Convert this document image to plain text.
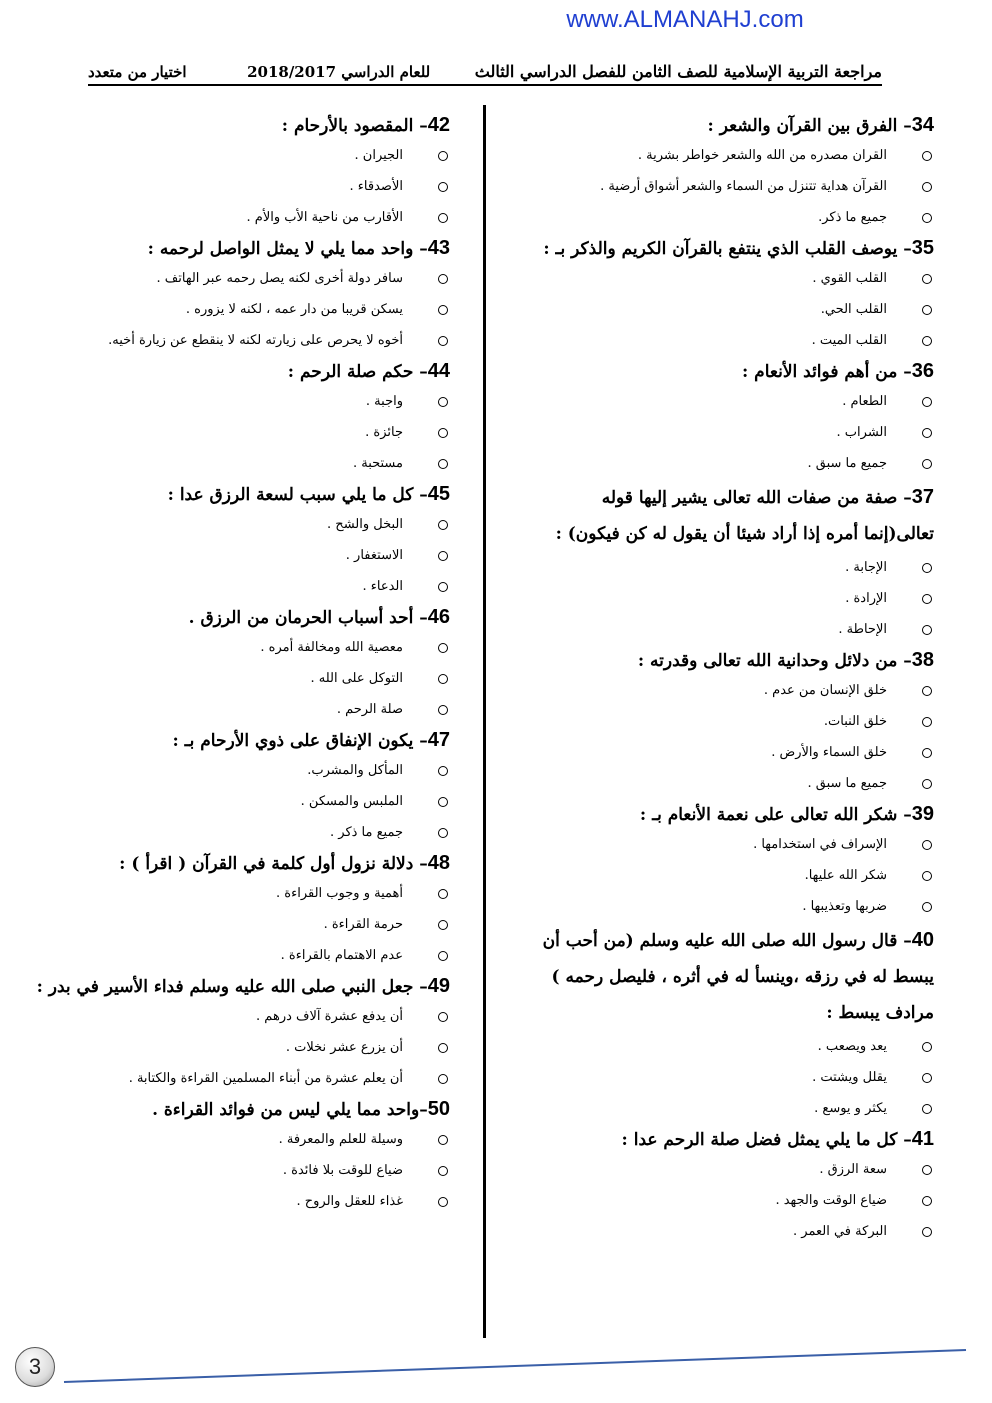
www.ALMANAHJ.com
مراجعة التربية الإسلامية للصف الثامن للفصل الدراسي الثالث
للعام الدراسي 2018/2017
اختيار من متعدد
34– الفرق بين القرآن والشعر :
القران مصدره من الله والشعر خواطر بشرية .
القرآن هداية تتنزل من السماء والشعر أشواق أرضية .
جميع ما ذكر.
35– يوصف القلب الذي ينتفع بالقرآن الكريم والذكر بـ :
القلب القوي .
القلب الحي.
القلب الميت .
36– من أهم فوائد الأنعام :
الطعام .
الشراب .
جميع ما سبق .
37– صفة من صفات الله تعالى يشير إليها قوله تعالى(إنما أمره إذا أراد شيئا أن يقول له كن فيكون) :
الإجابة .
الإرادة .
الإحاطة .
38– من دلائل وحدانية الله تعالى وقدرته :
خلق الإنسان من عدم .
خلق النبات.
خلق السماء والأرض .
جميع ما سبق .
39– شكر الله تعالى على نعمة الأنعام بـ :
الإسراف في استخدامها .
شكر الله عليها.
ضربها وتعذيبها .
40– قال رسول الله صلى الله عليه وسلم (من أحب أن يبسط له في رزقه ،وينسأ له في أثره ، فليصل رحمه ) مرادف يبسط :
يعد ويصعب .
يقلل ويشتت .
يكثر و يوسع .
41– كل ما يلي يمثل فضل صلة الرحم عدا :
سعة الرزق .
ضياع الوقت والجهد .
البركة في العمر .
42– المقصود بالأرحام :
الجيران .
الأصدقاء .
الأقارب من ناحية الأب والأم .
43– واحد مما يلي لا يمثل الواصل لرحمه :
سافر دولة أخرى لكنه يصل رحمه عبر الهاتف .
يسكن قريبا من دار عمه ، لكنه لا يزوره .
أخوه لا يحرص على زيارته لكنه لا ينقطع عن زيارة أخيه.
44– حكم صلة الرحم :
واجبة .
جائزة .
مستحبة .
45– كل ما يلي سبب لسعة الرزق عدا :
البخل والشح .
الاستغفار .
الدعاء .
46– أحد أسباب الحرمان من الرزق .
معصية الله ومخالفة أمره .
التوكل على الله .
صلة الرحم .
47– يكون الإنفاق على ذوي الأرحام بـ :
المأكل والمشرب.
الملبس والمسكن .
جميع ما ذكر .
48– دلالة نزول أول كلمة في القرآن ( اقرأ ) :
أهمية و وجوب القراءة .
حرمة القراءة .
عدم الاهتمام بالقراءة .
49– جعل النبي صلى الله عليه وسلم فداء الأسير في بدر :
أن يدفع عشرة آلاف درهم .
أن يزرع عشر نخلات .
أن يعلم عشرة من أبناء المسلمين القراءة والكتابة .
50–واحد مما يلي ليس من فوائد القراءة .
وسيلة للعلم والمعرفة .
ضياع للوقت بلا فائدة .
غذاء للعقل والروح .
3
